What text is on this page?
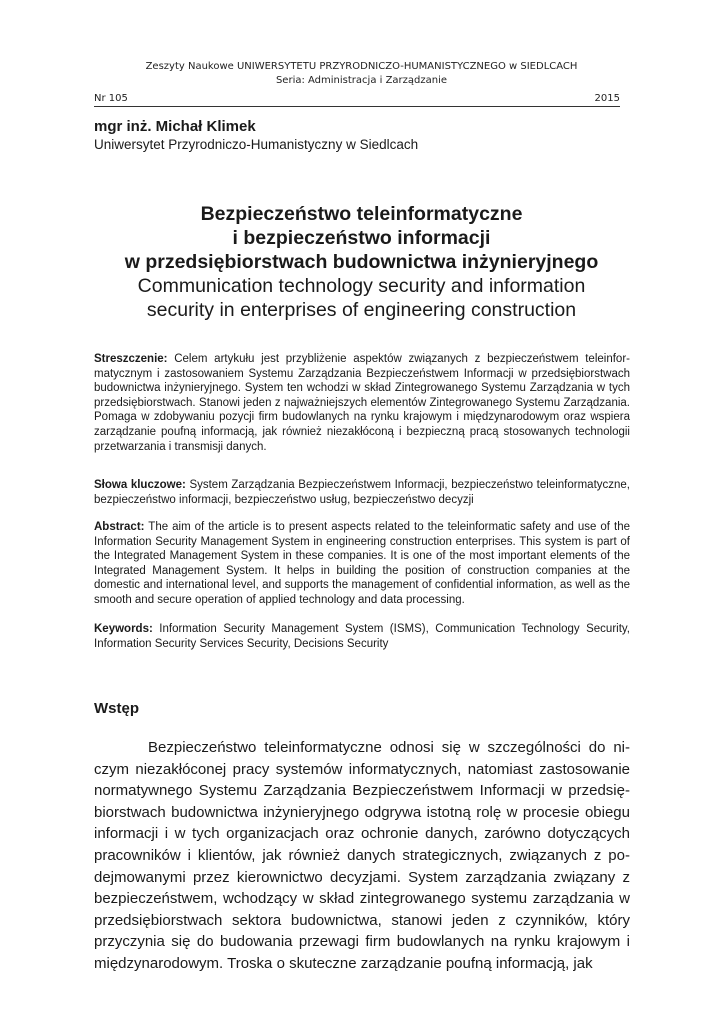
Zeszyty Naukowe UNIWERSYTETU PRZYRODNICZO-HUMANISTYCZNEGO w SIEDLCACH
Seria: Administracja i Zarządzanie
Nr 105	2015
mgr inż. Michał Klimek
Uniwersytet Przyrodniczo-Humanistyczny w Siedlcach
Bezpieczeństwo teleinformatyczne
i bezpieczeństwo informacji
w przedsiębiorstwach budownictwa inżynieryjnego
Communication technology security and information
security in enterprises of engineering construction
Streszczenie: Celem artykułu jest przybliżenie aspektów związanych z bezpieczeństwem teleinformatycznym i zastosowaniem Systemu Zarządzania Bezpieczeństwem Informacji w przedsiębiorstwach budownictwa inżynieryjnego. System ten wchodzi w skład Zintegrowanego Systemu Zarządzania w tych przedsiębiorstwach. Stanowi jeden z najważniejszych elementów Zintegrowanego Systemu Zarządzania. Pomaga w zdobywaniu pozycji firm budowlanych na rynku krajowym i międzynarodowym oraz wspiera zarządzanie poufną informacją, jak również niezakłóconą i bezpieczną pracą stosowanych technologii przetwarzania i transmisji danych.
Słowa kluczowe: System Zarządzania Bezpieczeństwem Informacji, bezpieczeństwo teleinformatyczne, bezpieczeństwo informacji, bezpieczeństwo usług, bezpieczeństwo decyzji
Abstract: The aim of the article is to present aspects related to the teleinformatic safety and use of the Information Security Management System in engineering construction enterprises. This system is part of the Integrated Management System in these companies. It is one of the most important elements of the Integrated Management System. It helps in building the position of construction companies at the domestic and international level, and supports the management of confidential information, as well as the smooth and secure operation of applied technology and data processing.
Keywords: Information Security Management System (ISMS), Communication Technology Security, Information Security Services Security, Decisions Security
Wstęp
Bezpieczeństwo teleinformatyczne odnosi się w szczególności do niczym niezakłóconej pracy systemów informatycznych, natomiast zastosowanie normatywnego Systemu Zarządzania Bezpieczeństwem Informacji w przedsiębiorstwach budownictwa inżynieryjnego odgrywa istotną rolę w procesie obiegu informacji i w tych organizacjach oraz ochronie danych, zarówno dotyczących pracowników i klientów, jak również danych strategicznych, związanych z podejmowanymi przez kierownictwo decyzjami. System zarządzania związany z bezpieczeństwem, wchodzący w skład zintegrowanego systemu zarządzania w przedsiębiorstwach sektora budownictwa, stanowi jeden z czynników, który przyczynia się do budowania przewagi firm budowlanych na rynku krajowym i międzynarodowym. Troska o skuteczne zarządzanie poufną informacją, jak
